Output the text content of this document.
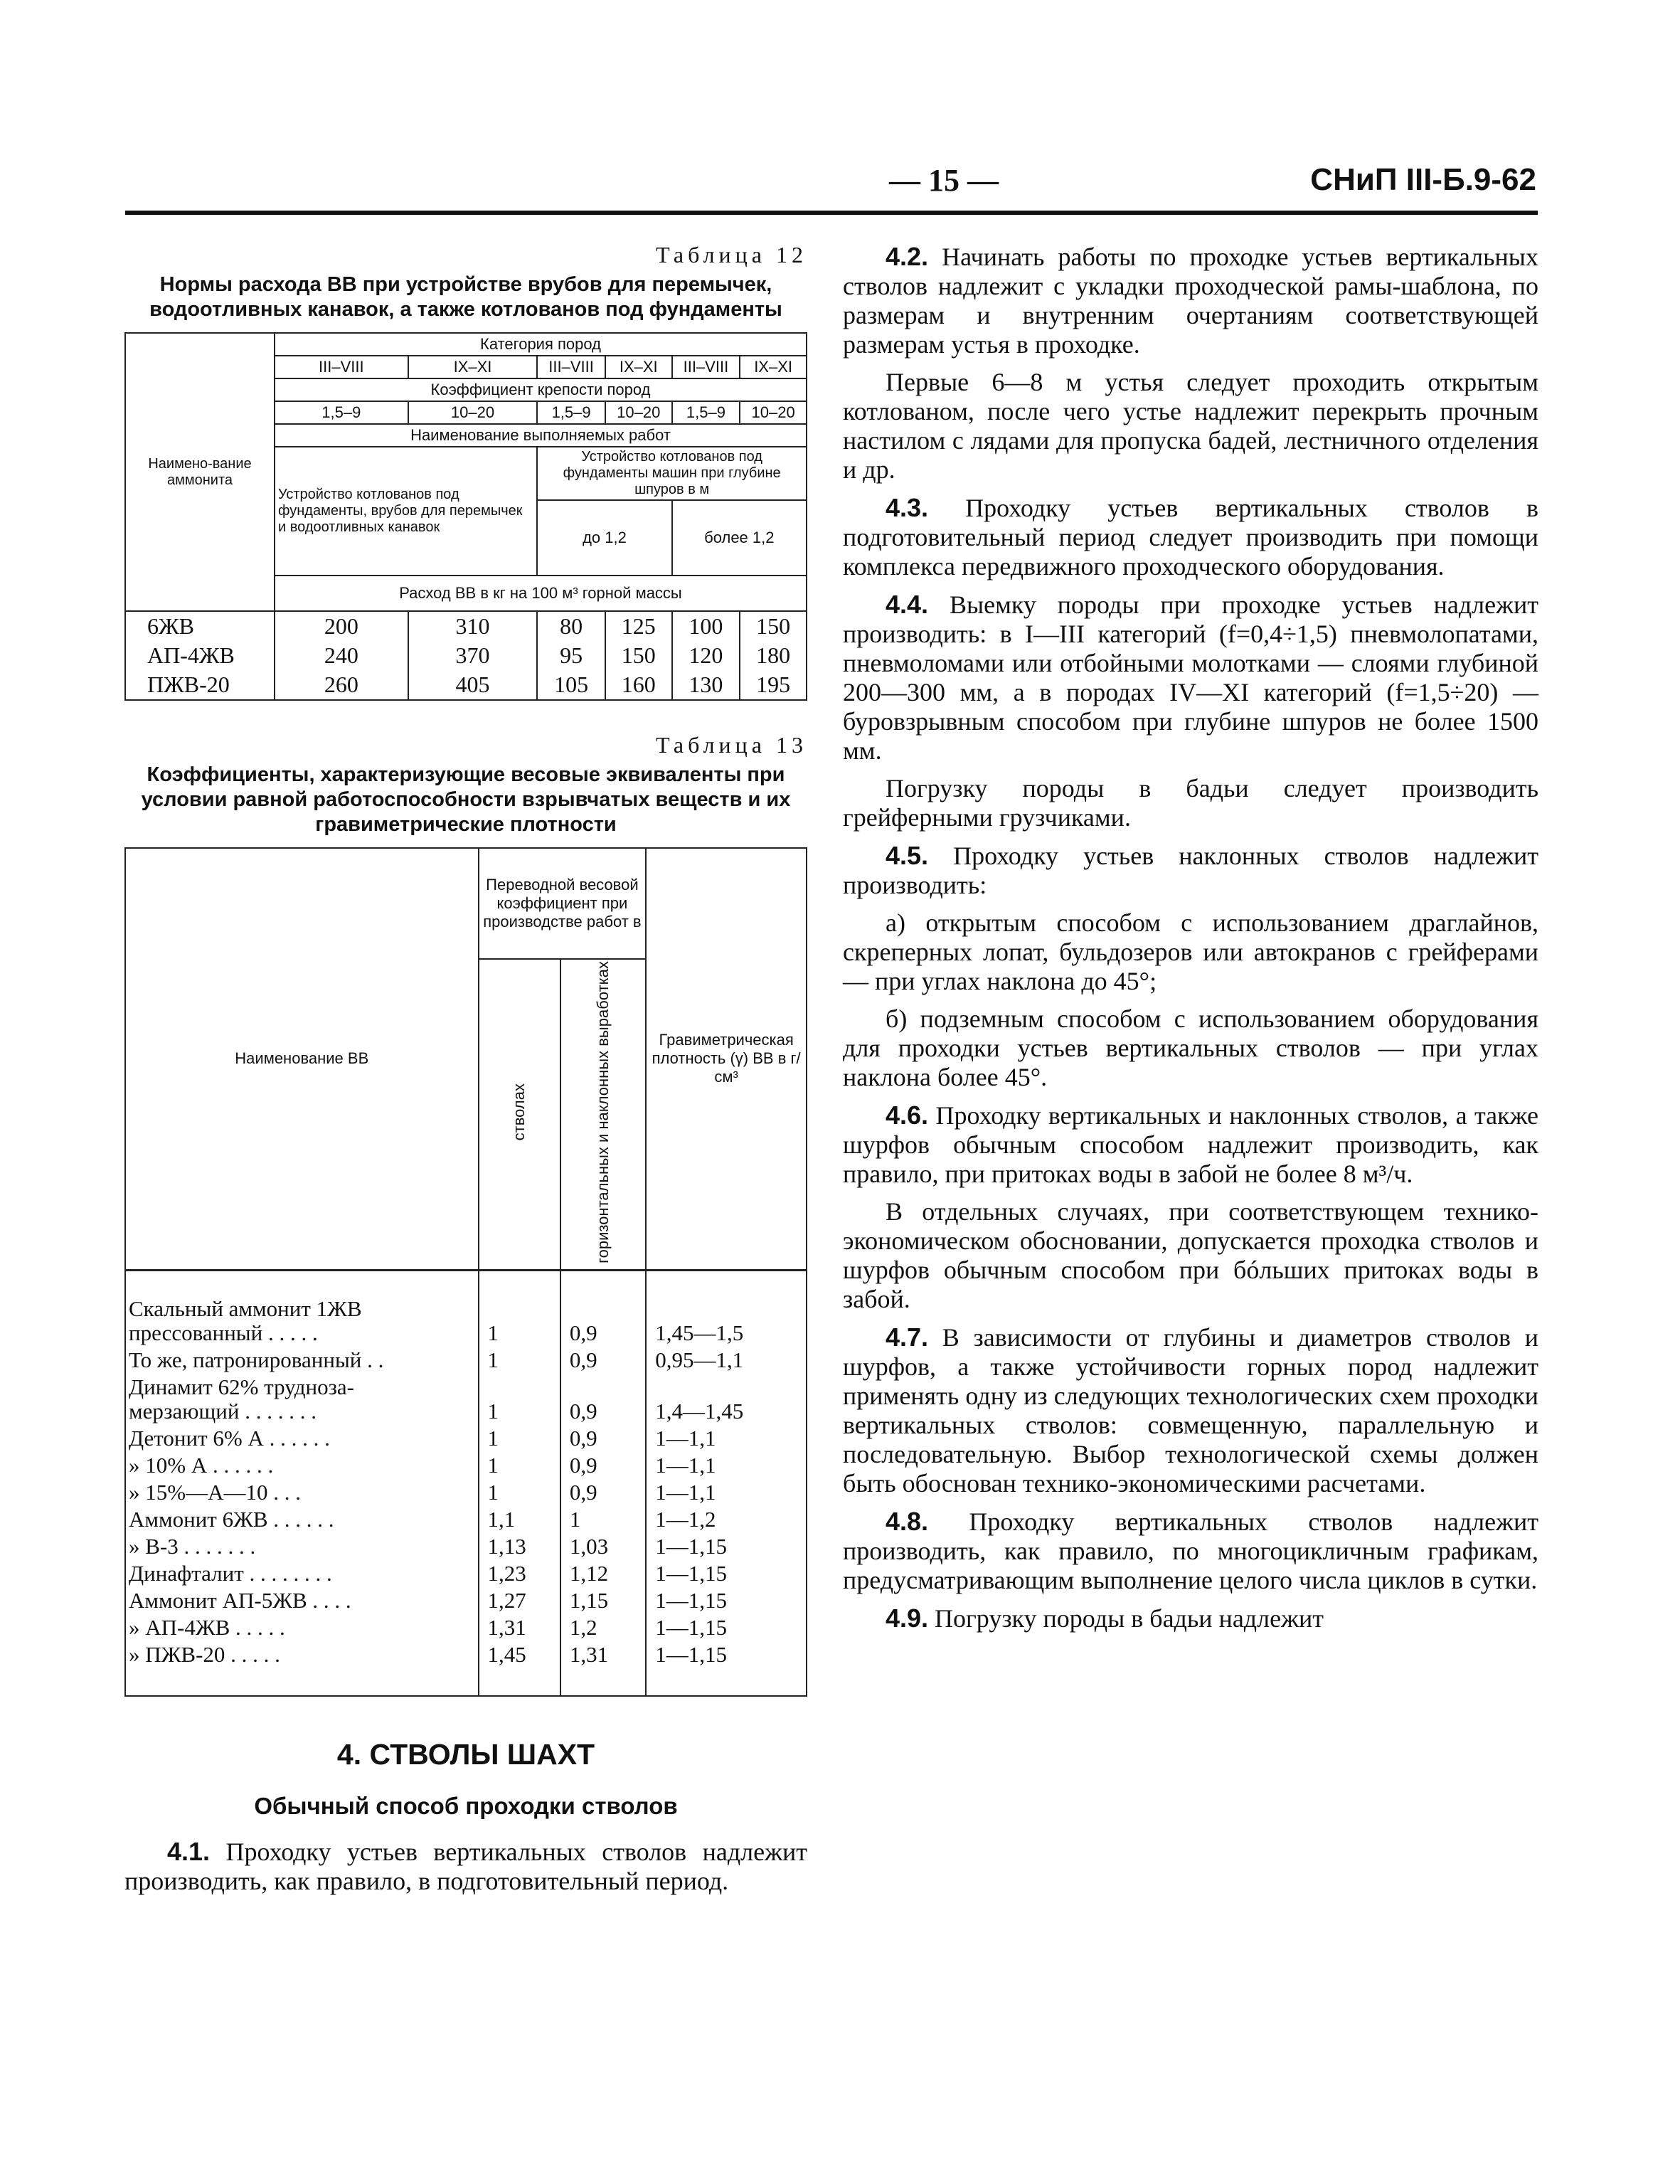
— 15 —	СНиП III-Б.9-62

Таблица 12

Нормы расхода ВВ при устройстве врубов для перемычек, водоотливных канавок, а также котлованов под фундаменты
Наимено-вание аммонита	Категория пород					
	III–VIII	IX–XI	III–VIII	IX–XI	III–VIII	IX–XI
	Коэффициент крепости пород					
	1,5–9	10–20	1,5–9	10–20	1,5–9	10–20
	Наименование выполняемых работ					
	Устройство котлованов под фундаменты, врубов для перемычек и водоотливных канавок		Устройство котлованов под фундаменты машин при глубине шпуров в м			
			до 1,2		более 1,2	
	Расход ВВ в кг на 100 м³ горной массы					
6ЖВ	200	310	80	125	100	150
АП-4ЖВ	240	370	95	150	120	180
ПЖВ-20	260	405	105	160	130	195

Таблица 13

Коэффициенты, характеризующие весовые эквиваленты при условии равной работоспособности взрывчатых веществ и их гравиметрические плотности
Наименование ВВ	Переводной весовой коэффициент при производстве работ в		Гравиметрическая плотность (γ) ВВ в г/см³
	стволах	горизонтальных и наклонных выработках	

Скальный аммонит 1ЖВ
прессованный . . . . .	1	0,9	1,45—1,5

То же, патронированный . .	1	0,9	0,95—1,1

Динамит 62% трудноза-
мерзающий . . . . . . .	1	0,9	1,4—1,45

Детонит 6% А . . . . . .	1	0,9	1—1,1

» 10% А . . . . . .	1	0,9	1—1,1

» 15%—А—10 . . .	1	0,9	1—1,1

Аммонит 6ЖВ . . . . . .	1,1	1	1—1,2

» В-3 . . . . . . .	1,13	1,03	1—1,15

Динафталит . . . . . . . .	1,23	1,12	1—1,15

Аммонит АП-5ЖВ . . . .	1,27	1,15	1—1,15

» АП-4ЖВ . . . . .	1,31	1,2	1—1,15

» ПЖВ-20 . . . . .	1,45	1,31	1—1,15
4. СТВОЛЫ ШАХТ
Обычный способ проходки стволов

4.1. Проходку устьев вертикальных стволов надлежит производить, как правило, в подготовительный период.

4.2. Начинать работы по проходке устьев вертикальных стволов надлежит с укладки проходческой рамы-шаблона, по размерам и внутренним очертаниям соответствующей размерам устья в проходке.

Первые 6—8 м устья следует проходить открытым котлованом, после чего устье надлежит перекрыть прочным настилом с лядами для пропуска бадей, лестничного отделения и др.

4.3. Проходку устьев вертикальных стволов в подготовительный период следует производить при помощи комплекса передвижного проходческого оборудования.

4.4. Выемку породы при проходке устьев надлежит производить: в I—III категорий (f=0,4÷1,5) пневмолопатами, пневмоломами или отбойными молотками — слоями глубиной 200—300 мм, а в породах IV—XI категорий (f=1,5÷20) — буровзрывным способом при глубине шпуров не более 1500 мм.

Погрузку породы в бадьи следует производить грейферными грузчиками.

4.5. Проходку устьев наклонных стволов надлежит производить:

а) открытым способом с использованием драглайнов, скреперных лопат, бульдозеров или автокранов с грейферами — при углах наклона до 45°;

б) подземным способом с использованием оборудования для проходки устьев вертикальных стволов — при углах наклона более 45°.

4.6. Проходку вертикальных и наклонных стволов, а также шурфов обычным способом надлежит производить, как правило, при притоках воды в забой не более 8 м³/ч.

В отдельных случаях, при соответствующем технико-экономическом обосновании, допускается проходка стволов и шурфов обычным способом при бóльших притоках воды в забой.

4.7. В зависимости от глубины и диаметров стволов и шурфов, а также устойчивости горных пород надлежит применять одну из следующих технологических схем проходки вертикальных стволов: совмещенную, параллельную и последовательную. Выбор технологической схемы должен быть обоснован технико-экономическими расчетами.

4.8. Проходку вертикальных стволов надлежит производить, как правило, по многоцикличным графикам, предусматривающим выполнение целого числа циклов в сутки.

4.9. Погрузку породы в бадьи надлежит
